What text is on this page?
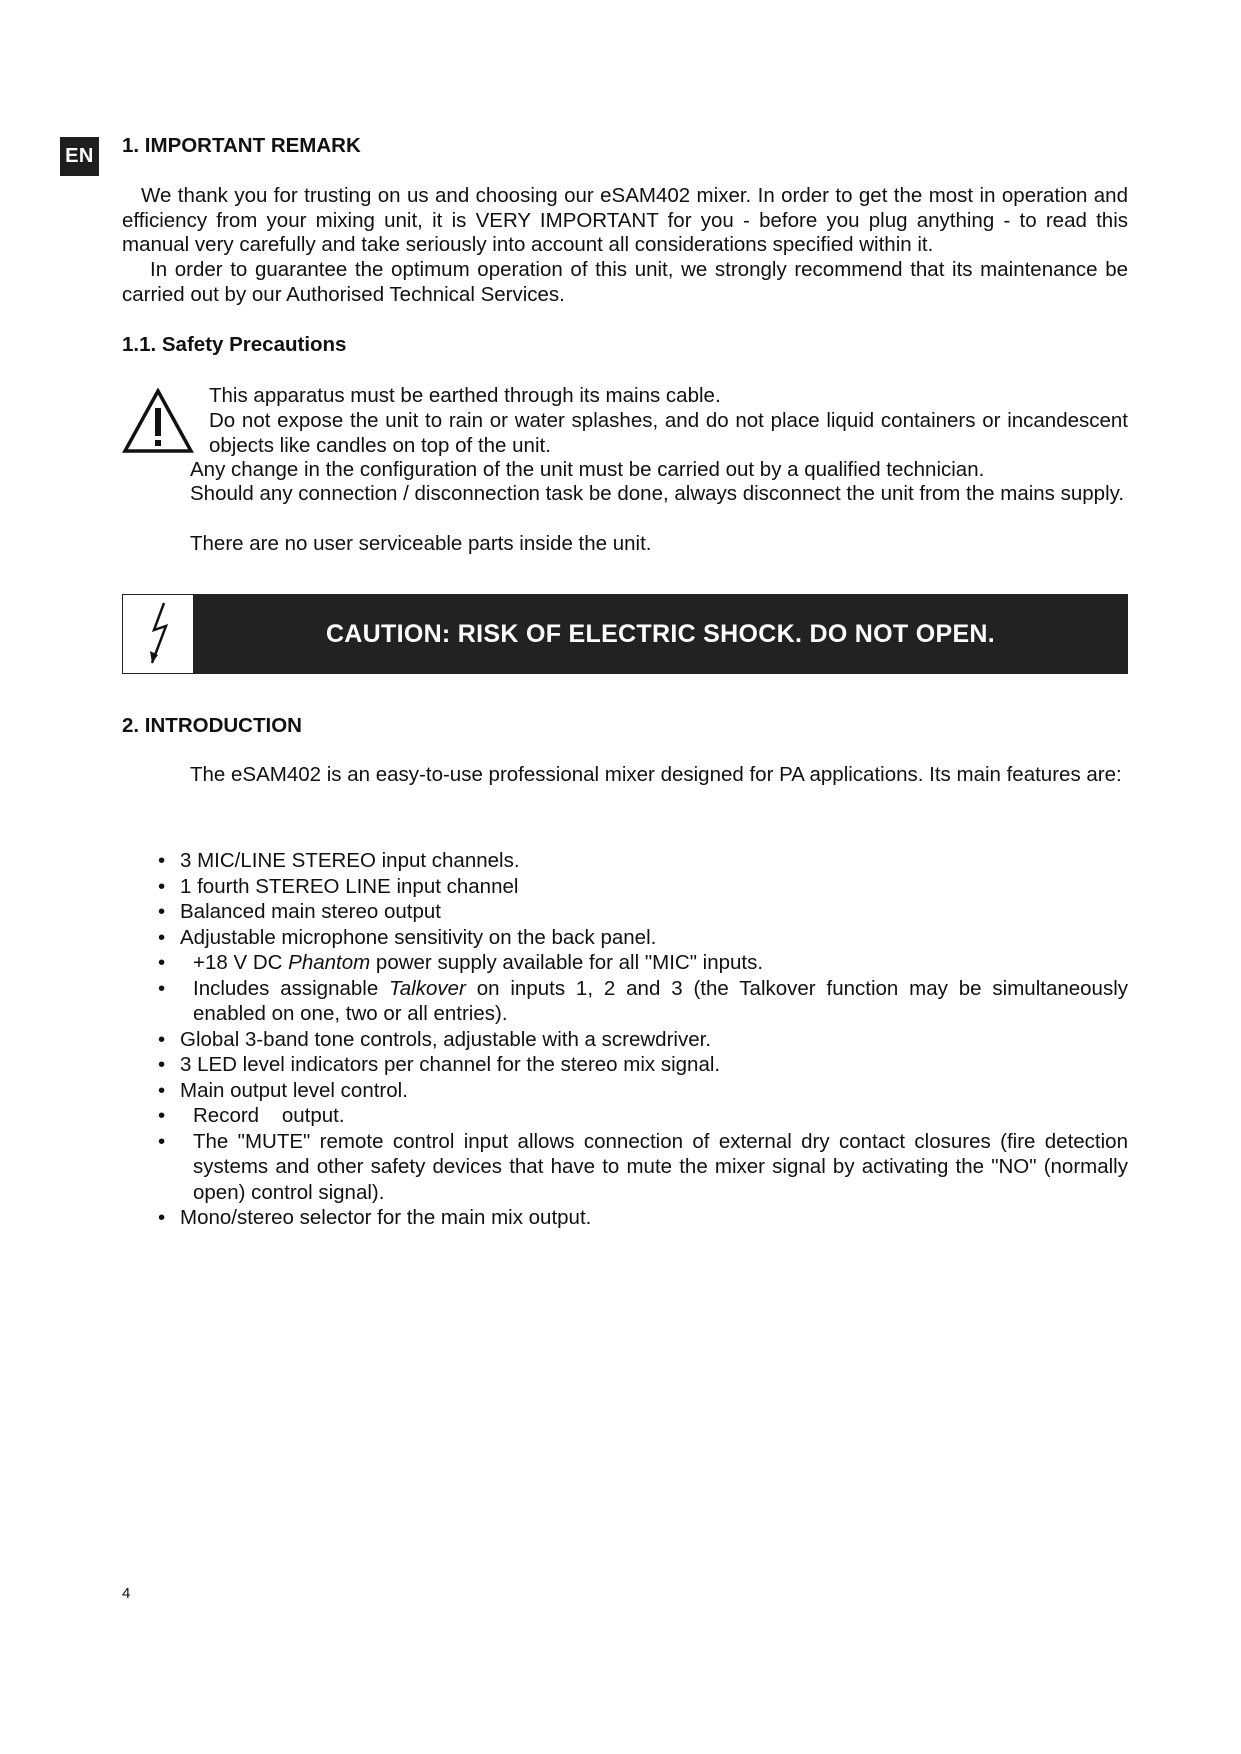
EN 1. IMPORTANT REMARK
We thank you for trusting on us and choosing our eSAM402 mixer. In order to get the most in operation and efficiency from your mixing unit, it is VERY IMPORTANT for you - before you plug anything - to read this manual very carefully and take seriously into account all considerations specified within it.
In order to guarantee the optimum operation of this unit, we strongly recommend that its maintenance be carried out by our Authorised Technical Services.
1.1. Safety Precautions
This apparatus must be earthed through its mains cable.
Do not expose the unit to rain or water splashes, and do not place liquid containers or incandescent objects like candles on top of the unit.
Any change in the configuration of the unit must be carried out by a qualified technician.
Should any connection / disconnection task be done, always disconnect the unit from the mains supply.
There are no user serviceable parts inside the unit.
CAUTION: RISK OF ELECTRIC SHOCK. DO NOT OPEN.
2. INTRODUCTION
The eSAM402 is an easy-to-use professional mixer designed for PA applications. Its main features are:
• 3 MIC/LINE STEREO input channels.
• 1 fourth STEREO LINE input channel
• Balanced main stereo output
• Adjustable microphone sensitivity on the back panel.
• +18 V DC Phantom power supply available for all "MIC" inputs.
• Includes assignable Talkover on inputs 1, 2 and 3 (the Talkover function may be simultaneously enabled on one, two or all entries).
• Global 3-band tone controls, adjustable with a screwdriver.
• 3 LED level indicators per channel for the stereo mix signal.
• Main output level control.
• Record    output.
• The "MUTE" remote control input allows connection of external dry contact closures (fire detection systems and other safety devices that have to mute the mixer signal by activating the "NO" (normally open) control signal).
• Mono/stereo selector for the main mix output.
4
